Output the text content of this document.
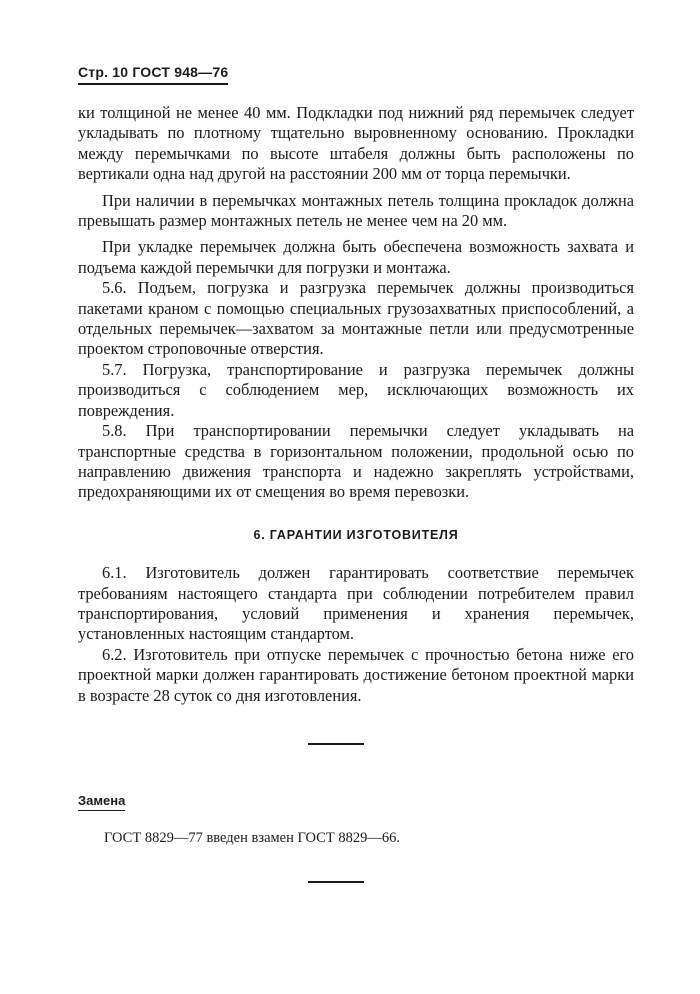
Стр. 10 ГОСТ 948—76

ки толщиной не менее 40 мм. Подкладки под нижний ряд перемычек следует укладывать по плотному тщательно выровненному основанию. Прокладки между перемычками по высоте штабеля должны быть расположены по вертикали одна над другой на расстоянии 200 мм от торца перемычки.

При наличии в перемычках монтажных петель толщина прокладок должна превышать размер монтажных петель не менее чем на 20 мм.

При укладке перемычек должна быть обеспечена возможность захвата и подъема каждой перемычки для погрузки и монтажа.

5.6. Подъем, погрузка и разгрузка перемычек должны производиться пакетами краном с помощью специальных грузозахватных приспособлений, а отдельных перемычек—захватом за монтажные петли или предусмотренные проектом строповочные отверстия.

5.7. Погрузка, транспортирование и разгрузка перемычек должны производиться с соблюдением мер, исключающих возможность их повреждения.

5.8. При транспортировании перемычки следует укладывать на транспортные средства в горизонтальном положении, продольной осью по направлению движения транспорта и надежно закреплять устройствами, предохраняющими их от смещения во время перевозки.

6. ГАРАНТИИ ИЗГОТОВИТЕЛЯ

6.1. Изготовитель должен гарантировать соответствие перемычек требованиям настоящего стандарта при соблюдении потребителем правил транспортирования, условий применения и хранения перемычек, установленных настоящим стандартом.

6.2. Изготовитель при отпуске перемычек с прочностью бетона ниже его проектной марки должен гарантировать достижение бетоном проектной марки в возрасте 28 суток со дня изготовления.

Замена
ГОСТ 8829—77 введен взамен ГОСТ 8829—66.
